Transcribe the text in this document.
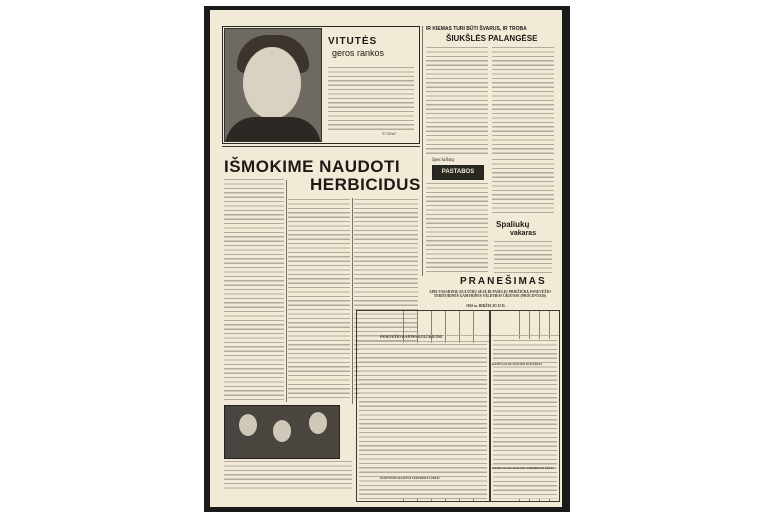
VITUTĖS
geros rankos
N. Ulevič
IR KIEMAS TURI BŪTI ŠVARUS, IR TROBA
ŠIUKŠLĖS PALANGĖSE
IŠMOKIME NAUDOTI
HERBICIDUS
Specialistų
PASTABOS
Spaliukų
vakaras
PRANEŠIMAS
APIE VASARINIŲ KULTŪRŲ SĖJĄ IR PAŠELIŲ PRIEŽIŪRĄ PANEVĖŽIO TERITORINĖS GAMYBINĖS VALDYBOS ŪKIUOSE (PROCENTAIS)
1962 m. BIRŽELIO 25 D.
PANEVĖŽIO RAJONO KOLŪKIUOSE
RAMYGALOS RAJONO KOLŪKIAI
RAMYGALOS RAJONO TARYBINIAI ŪKIAI
PANEVĖŽIO RAJONO TARYBINIAI ŪKIAI
